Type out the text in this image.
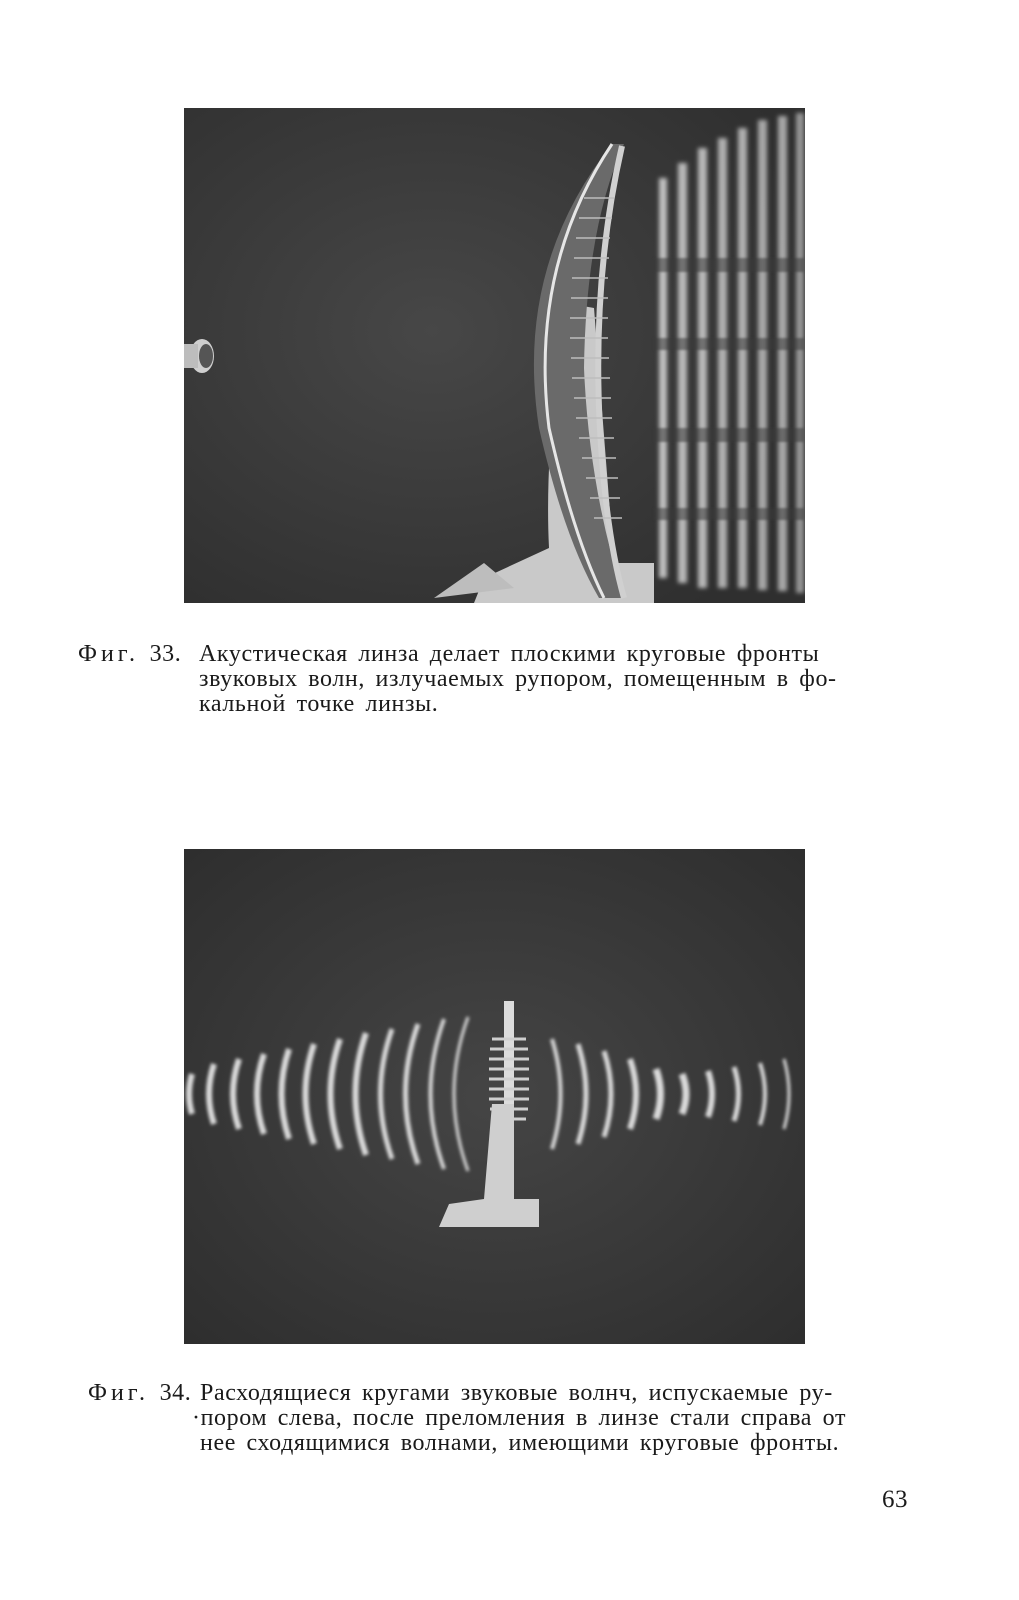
Фиг. 33. Акустическая линза делает плоскими круговые фронты
звуковых волн, излучаемых рупором, помещенным в фо-
кальной точке линзы.
Фиг. 34. Расходящиеся кругами звуковые волнч, испускаемые ру-
·пором слева, после преломления в линзе стали справа от
нее сходящимися волнами, имеющими круговые фронты.
63
